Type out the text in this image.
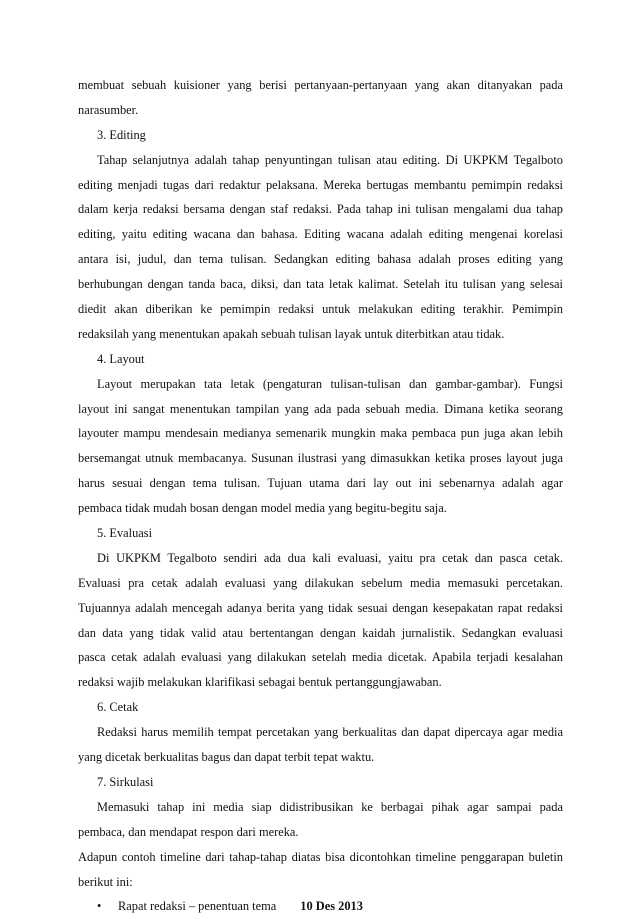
membuat sebuah kuisioner yang berisi pertanyaan-pertanyaan yang akan ditanyakan pada
narasumber.
3. Editing
Tahap selanjutnya adalah tahap penyuntingan tulisan atau editing. Di UKPKM Tegalboto
editing menjadi tugas dari redaktur pelaksana. Mereka bertugas membantu pemimpin redaksi
dalam kerja redaksi bersama dengan staf redaksi. Pada tahap ini tulisan mengalami dua tahap
editing, yaitu editing wacana dan bahasa. Editing wacana adalah editing mengenai korelasi
antara isi, judul, dan tema tulisan. Sedangkan editing bahasa adalah proses editing yang
berhubungan dengan tanda baca, diksi, dan tata letak kalimat. Setelah itu tulisan yang selesai
diedit akan diberikan ke pemimpin redaksi untuk melakukan editing terakhir. Pemimpin
redaksilah yang menentukan apakah sebuah tulisan layak untuk diterbitkan atau tidak.
4. Layout
Layout merupakan tata letak (pengaturan tulisan-tulisan dan gambar-gambar). Fungsi
layout ini sangat menentukan tampilan yang ada pada sebuah media. Dimana ketika seorang
layouter mampu mendesain medianya semenarik mungkin maka pembaca pun juga akan lebih
bersemangat utnuk membacanya. Susunan ilustrasi yang dimasukkan ketika proses layout juga
harus sesuai dengan tema tulisan. Tujuan utama dari lay out ini sebenarnya adalah agar
pembaca tidak mudah bosan dengan model media yang begitu-begitu saja.
5. Evaluasi
Di UKPKM Tegalboto sendiri ada dua kali evaluasi, yaitu pra cetak dan pasca cetak.
Evaluasi pra cetak adalah evaluasi yang dilakukan sebelum media memasuki percetakan.
Tujuannya adalah mencegah adanya berita yang tidak sesuai dengan kesepakatan rapat redaksi
dan data yang tidak valid atau bertentangan dengan kaidah jurnalistik. Sedangkan evaluasi
pasca cetak adalah evaluasi yang dilakukan setelah media dicetak. Apabila terjadi kesalahan
redaksi wajib melakukan klarifikasi sebagai bentuk pertanggungjawaban.
6. Cetak
Redaksi harus memilih tempat percetakan yang berkualitas dan dapat dipercaya agar media
yang dicetak berkualitas bagus dan dapat terbit tepat waktu.
7. Sirkulasi
Memasuki tahap ini media siap didistribusikan ke berbagai pihak agar sampai pada
pembaca, dan mendapat respon dari mereka.
Adapun contoh timeline dari tahap-tahap diatas bisa dicontohkan timeline penggarapan buletin
berikut ini:
•	Rapat redaksi – penentuan tema 10 Des 2013
